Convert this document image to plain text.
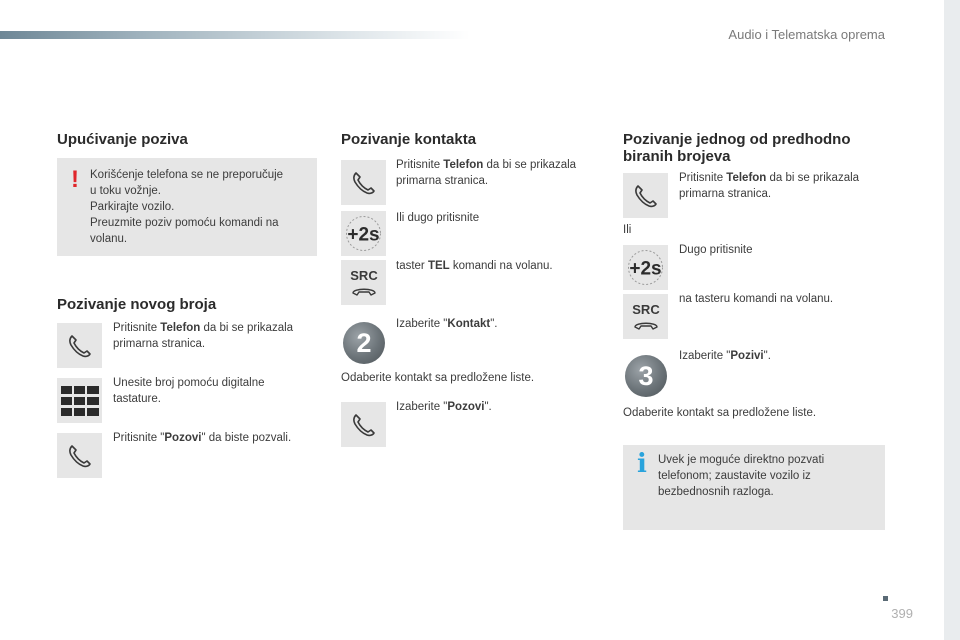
Audio i Telematska oprema
Upućivanje poziva
! Korišćenje telefona se ne preporučuje
u toku vožnje.
Parkirajte vozilo.
Preuzmite poziv pomoću komandi na
volanu.
Pozivanje novog broja
Pritisnite Telefon da bi se prikazala
primarna stranica.
Unesite broj pomoću digitalne
tastature.
Pritisnite "Pozovi" da biste pozvali.
Pozivanje kontakta
Pritisnite Telefon da bi se prikazala
primarna stranica.
+2s
Ili dugo pritisnite
SRC
taster TEL komandi na volanu.
2
Izaberite "Kontakt".
Odaberite kontakt sa predložene liste.
Izaberite "Pozovi".
Pozivanje jednog od predhodno
biranih brojeva
Pritisnite Telefon da bi se prikazala
primarna stranica.
Ili
+2s
Dugo pritisnite
SRC
na tasteru komandi na volanu.
3
Izaberite "Pozivi".
Odaberite kontakt sa predložene liste.
i Uvek je moguće direktno pozvati
telefonom; zaustavite vozilo iz
bezbednosnih razloga.
399
